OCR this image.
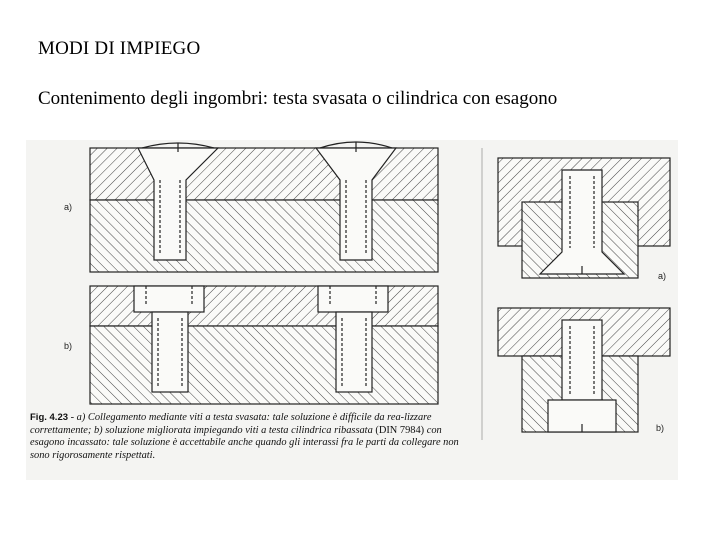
MODI DI IMPIEGO
Contenimento degli ingombri: testa svasata o cilindrica con esagono
a)
b)
a)
b)
Fig. 4.23 - a) Collegamento mediante viti a testa svasata: tale soluzione è difficile da rea-lizzare correttamente; b) soluzione migliorata impiegando viti a testa cilindrica ribassata (DIN 7984) con esagono incassato: tale soluzione è accettabile anche quando gli interassi fra le parti da collegare non sono rigorosamente rispettati.
